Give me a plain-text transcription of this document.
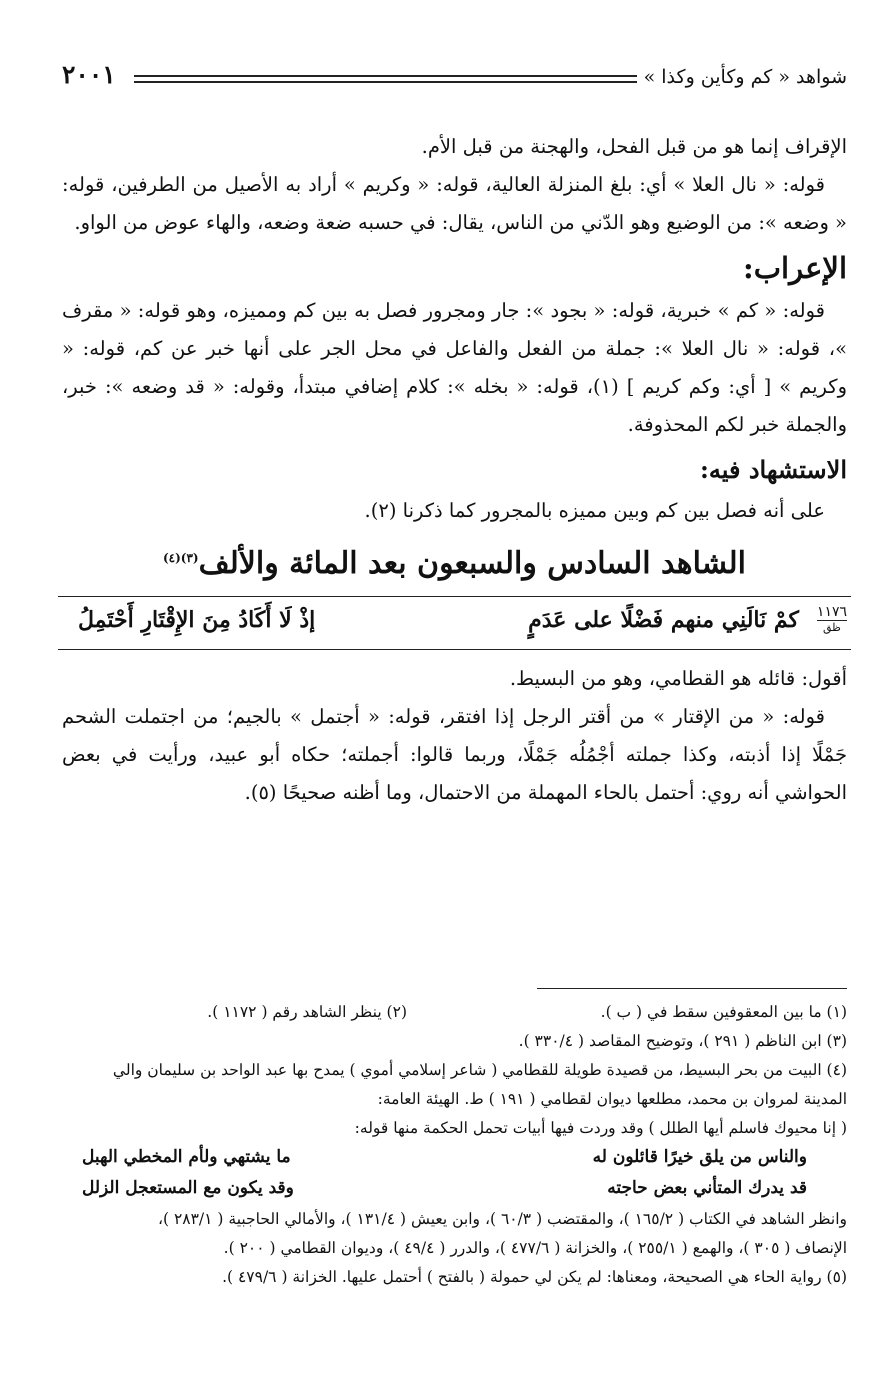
شواهد « كم وكأين وكذا »
٢٠٠١

الإقراف إنما هو من قبل الفحل، والهجنة من قبل الأم.

قوله: « نال العلا » أي: بلغ المنزلة العالية، قوله: « وكريم » أراد به الأصيل من الطرفين، قوله: « وضعه »: من الوضيع وهو الدّني من الناس، يقال: في حسبه ضعة وضعه، والهاء عوض من الواو.

الإعراب:

قوله: « كم » خبرية، قوله: « بجود »: جار ومجرور فصل به بين كم ومميزه، وهو قوله: « مقرف »، قوله: « نال العلا »: جملة من الفعل والفاعل في محل الجر على أنها خبر عن كم، قوله: « وكريم » [ أي: وكم كريم ] (١)، قوله: « بخله »: كلام إضافي مبتدأ، وقوله: « قد وضعه »: خبر، والجملة خبر لكم المحذوفة.

الاستشهاد فيه:

على أنه فصل بين كم وبين مميزه بالمجرور كما ذكرنا (٢).

الشاهد السادس والسبعون بعد المائة والألف$^{(٣)(٤)}$
١١٧٦
ظق
كمْ نَالَنِي منهم فَضْلًا على عَدَمٍ
إذْ لَا أَكَادُ مِنَ الإِقْتَارِ أَحْتَمِلُ

أقول: قائله هو القطامي، وهو من البسيط.

قوله: « من الإقتار » من أقتر الرجل إذا افتقر، قوله: « أجتمل » بالجيم؛ من اجتملت الشحم جَمْلًا إذا أذبته، وكذا جملته أجْمُلُه جَمْلًا، وربما قالوا: أجملته؛ حكاه أبو عبيد، ورأيت في بعض الحواشي أنه روي: أحتمل بالحاء المهملة من الاحتمال، وما أظنه صحيحًا (٥).

(١) ما بين المعقوفين سقط في ( ب ).
(٢) ينظر الشاهد رقم ( ١١٧٢ ).
(٣) ابن الناظم ( ٢٩١ )، وتوضيح المقاصد ( ٣٣٠/٤ ).
(٤) البيت من بحر البسيط، من قصيدة طويلة للقطامي ( شاعر إسلامي أموي ) يمدح بها عبد الواحد بن سليمان والي
المدينة لمروان بن محمد، مطلعها ديوان لقطامي ( ١٩١ ) ط. الهيئة العامة:
( إنا محيوك فاسلم أيها الطلل ) وقد وردت فيها أبيات تحمل الحكمة منها قوله:
والناس من يلق خيرًا قائلون له
ما يشتهي ولأم المخطي الهبل
قد يدرك المتأني بعض حاجته
وقد يكون مع المستعجل الزلل
وانظر الشاهد في الكتاب ( ١٦٥/٢ )، والمقتضب ( ٦٠/٣ )، وابن يعيش ( ١٣١/٤ )، والأمالي الحاجبية ( ٢٨٣/١ )،
الإنصاف ( ٣٠٥ )، والهمع ( ٢٥٥/١ )، والخزانة ( ٤٧٧/٦ )، والدرر ( ٤٩/٤ )، وديوان القطامي ( ٢٠٠ ).
(٥) رواية الحاء هي الصحيحة، ومعناها: لم يكن لي حمولة ( بالفتح ) أحتمل عليها. الخزانة ( ٤٧٩/٦ ).
